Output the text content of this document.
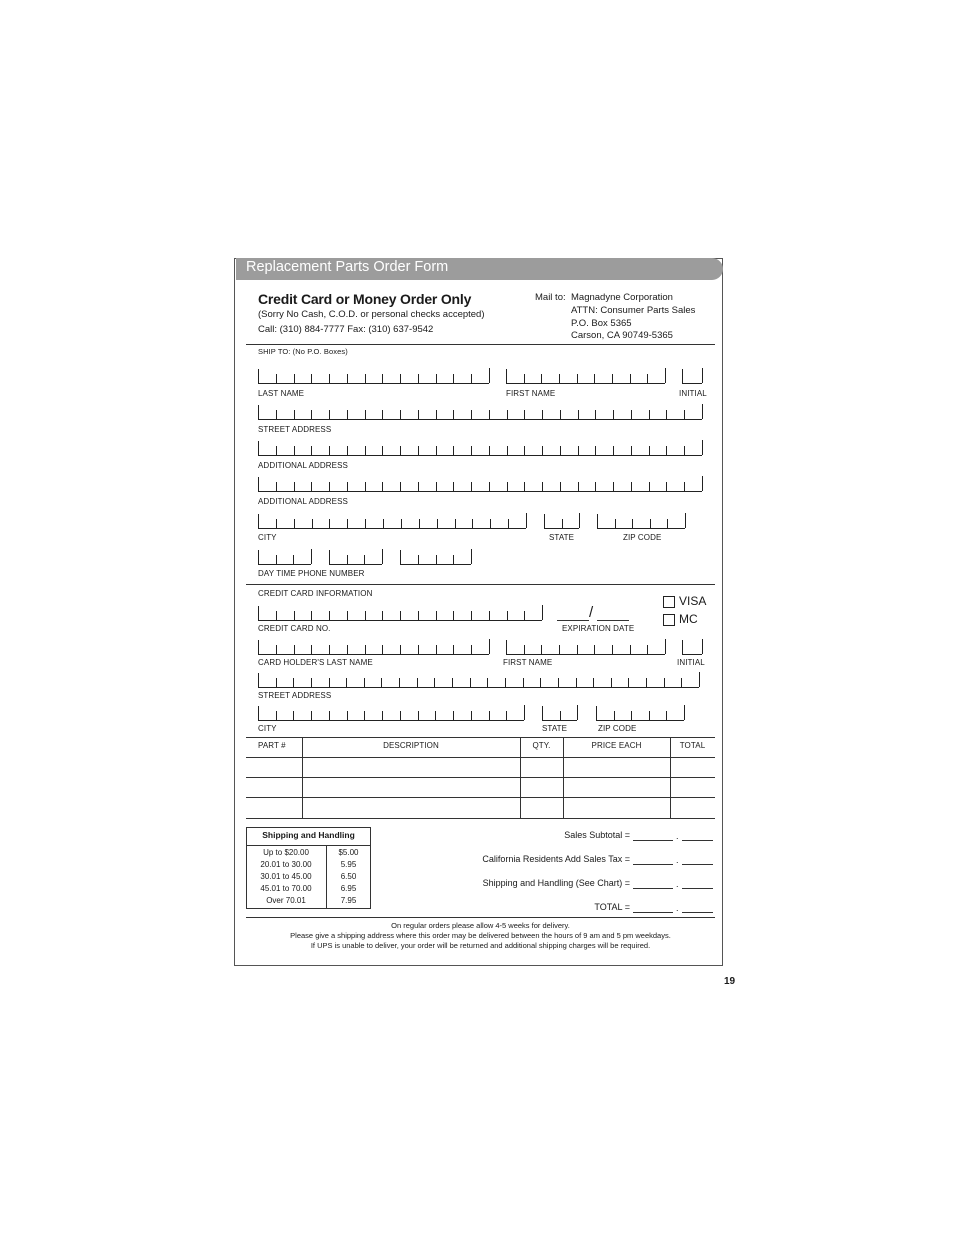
Replacement Parts Order Form
Credit Card or Money Order Only
(Sorry No Cash, C.O.D. or personal checks accepted)
Call: (310) 884-7777 Fax: (310) 637-9542
Mail to: Magnadyne Corporation
ATTN: Consumer Parts Sales
P.O. Box 5365
Carson, CA 90749-5365
SHIP TO: (No P.O. Boxes)
LAST NAME	FIRST NAME	INITIAL
STREET ADDRESS
ADDITIONAL ADDRESS
ADDITIONAL ADDRESS
CITY	STATE	ZIP CODE
DAY TIME PHONE NUMBER
CREDIT CARD INFORMATION
/
CREDIT CARD NO.	EXPIRATION DATE
VISA
MC
CARD HOLDER'S LAST NAME	FIRST NAME	INITIAL
STREET ADDRESS
CITY	STATE	ZIP CODE
PART #	DESCRIPTION	QTY.	PRICE EACH	TOTAL
Shipping and Handling
Up to $20.00	$5.00
20.01 to 30.00	5.95
30.01 to 45.00	6.50
45.01 to 70.00	6.95
Over 70.01	7.95
Sales Subtotal =	.
California Residents Add Sales Tax =	.
Shipping and Handling (See Chart) =	.
TOTAL =	.
On regular orders please allow 4-5 weeks for delivery.
Please give a shipping address where this order may be delivered between the hours of 9 am and 5 pm weekdays.
If UPS is unable to deliver, your order will be returned and additional shipping charges will be required.
19
